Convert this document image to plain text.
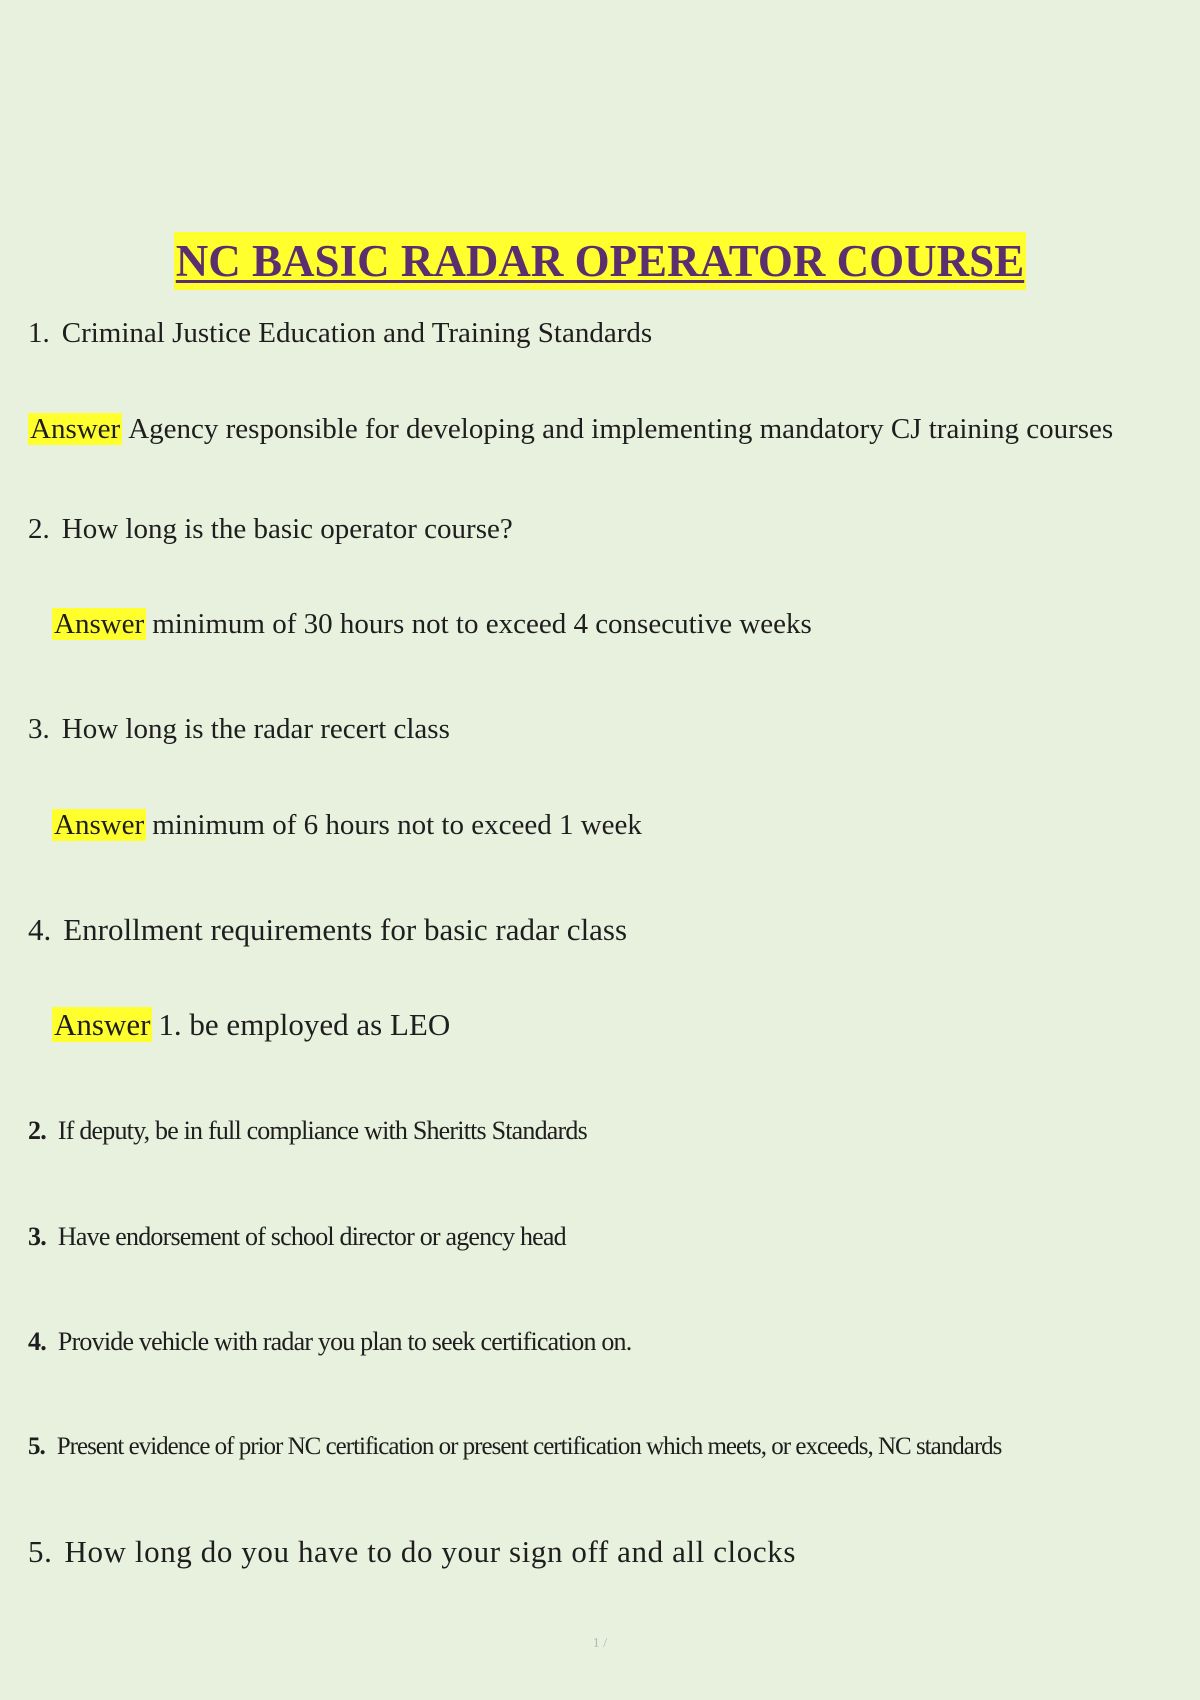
NC BASIC RADAR OPERATOR COURSE
1. Criminal Justice Education and Training Standards
Answer Agency responsible for developing and implementing mandatory CJ training courses
2. How long is the basic operator course?
Answer minimum of 30 hours not to exceed 4 consecutive weeks
3. How long is the radar recert class
Answer minimum of 6 hours not to exceed 1 week
4. Enrollment requirements for basic radar class
Answer 1. be employed as LEO
2. If deputy, be in full compliance with Sheritts Standards
3. Have endorsement of school director or agency head
4. Provide vehicle with radar you plan to seek certification on.
5. Present evidence of prior NC certification or present certification which meets, or exceeds, NC standards
5. How long do you have to do your sign off and all clocks
1 /
